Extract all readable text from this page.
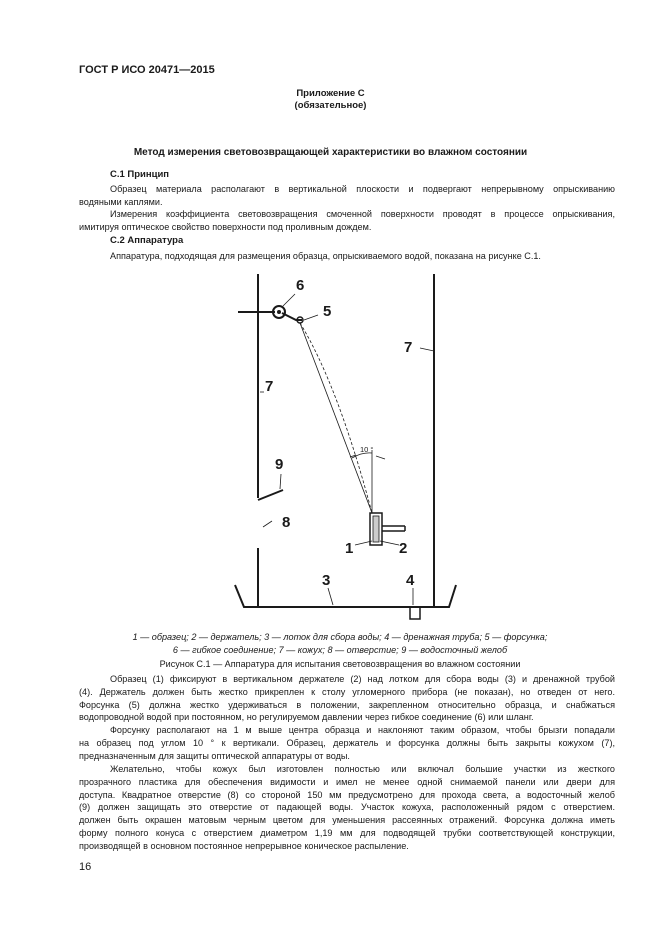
ГОСТ Р ИСО 20471—2015
Приложение С
(обязательное)
Метод измерения световозвращающей характеристики во влажном состоянии
С.1 Принцип
Образец материала располагают в вертикальной плоскости и подвергают непрерывному опрыскиванию
водяными каплями.
Измерения коэффициента световозвращения смоченной поверхности проводят в процессе опрыскивания,
имитируя оптическое свойство поверхности под проливным дождем.
С.2 Аппаратура
Аппаратура, подходящая для размещения образца, опрыскиваемого водой, показана на рисунке С.1.
6
5
7
7
9
8
1	2
3	4
10 °
1 — образец; 2 — держатель; 3 — лоток для сбора воды; 4 — дренажная труба; 5 — форсунка;
6 — гибкое соединение; 7 — кожух; 8 — отверстие; 9 — водосточный желоб
Рисунок С.1 — Аппаратура для испытания световозвращения во влажном состоянии
Образец (1) фиксируют в вертикальном держателе (2) над лотком для сбора воды (3) и дренажной трубой
(4). Держатель должен быть жестко прикреплен к столу угломерного прибора (не показан), но отведен от него.
Форсунка (5) должна жестко удерживаться в положении, закрепленном относительно образца, и снабжаться
водопроводной водой при постоянном, но регулируемом давлении через гибкое соединение (6) или шланг.
Форсунку располагают на 1 м выше центра образца и наклоняют таким образом, чтобы брызги попадали
на образец под углом 10 ° к вертикали. Образец, держатель и форсунка должны быть закрыты кожухом (7),
предназначенным для защиты оптической аппаратуры от воды.
Желательно, чтобы кожух был изготовлен полностью или включал большие участки из жесткого
прозрачного пластика для обеспечения видимости и имел не менее одной снимаемой панели или двери для
доступа. Квадратное отверстие (8) со стороной 150 мм предусмотрено для прохода света, а водосточный желоб
(9) должен защищать это отверстие от падающей воды. Участок кожуха, расположенный рядом с отверстием.
должен быть окрашен матовым черным цветом для уменьшения рассеянных отражений. Форсунка должна иметь
форму полного конуса с отверстием диаметром 1,19 мм для подводящей трубки соответствующей конструкции,
производящей в основном постоянное непрерывное коническое распыление.
16
